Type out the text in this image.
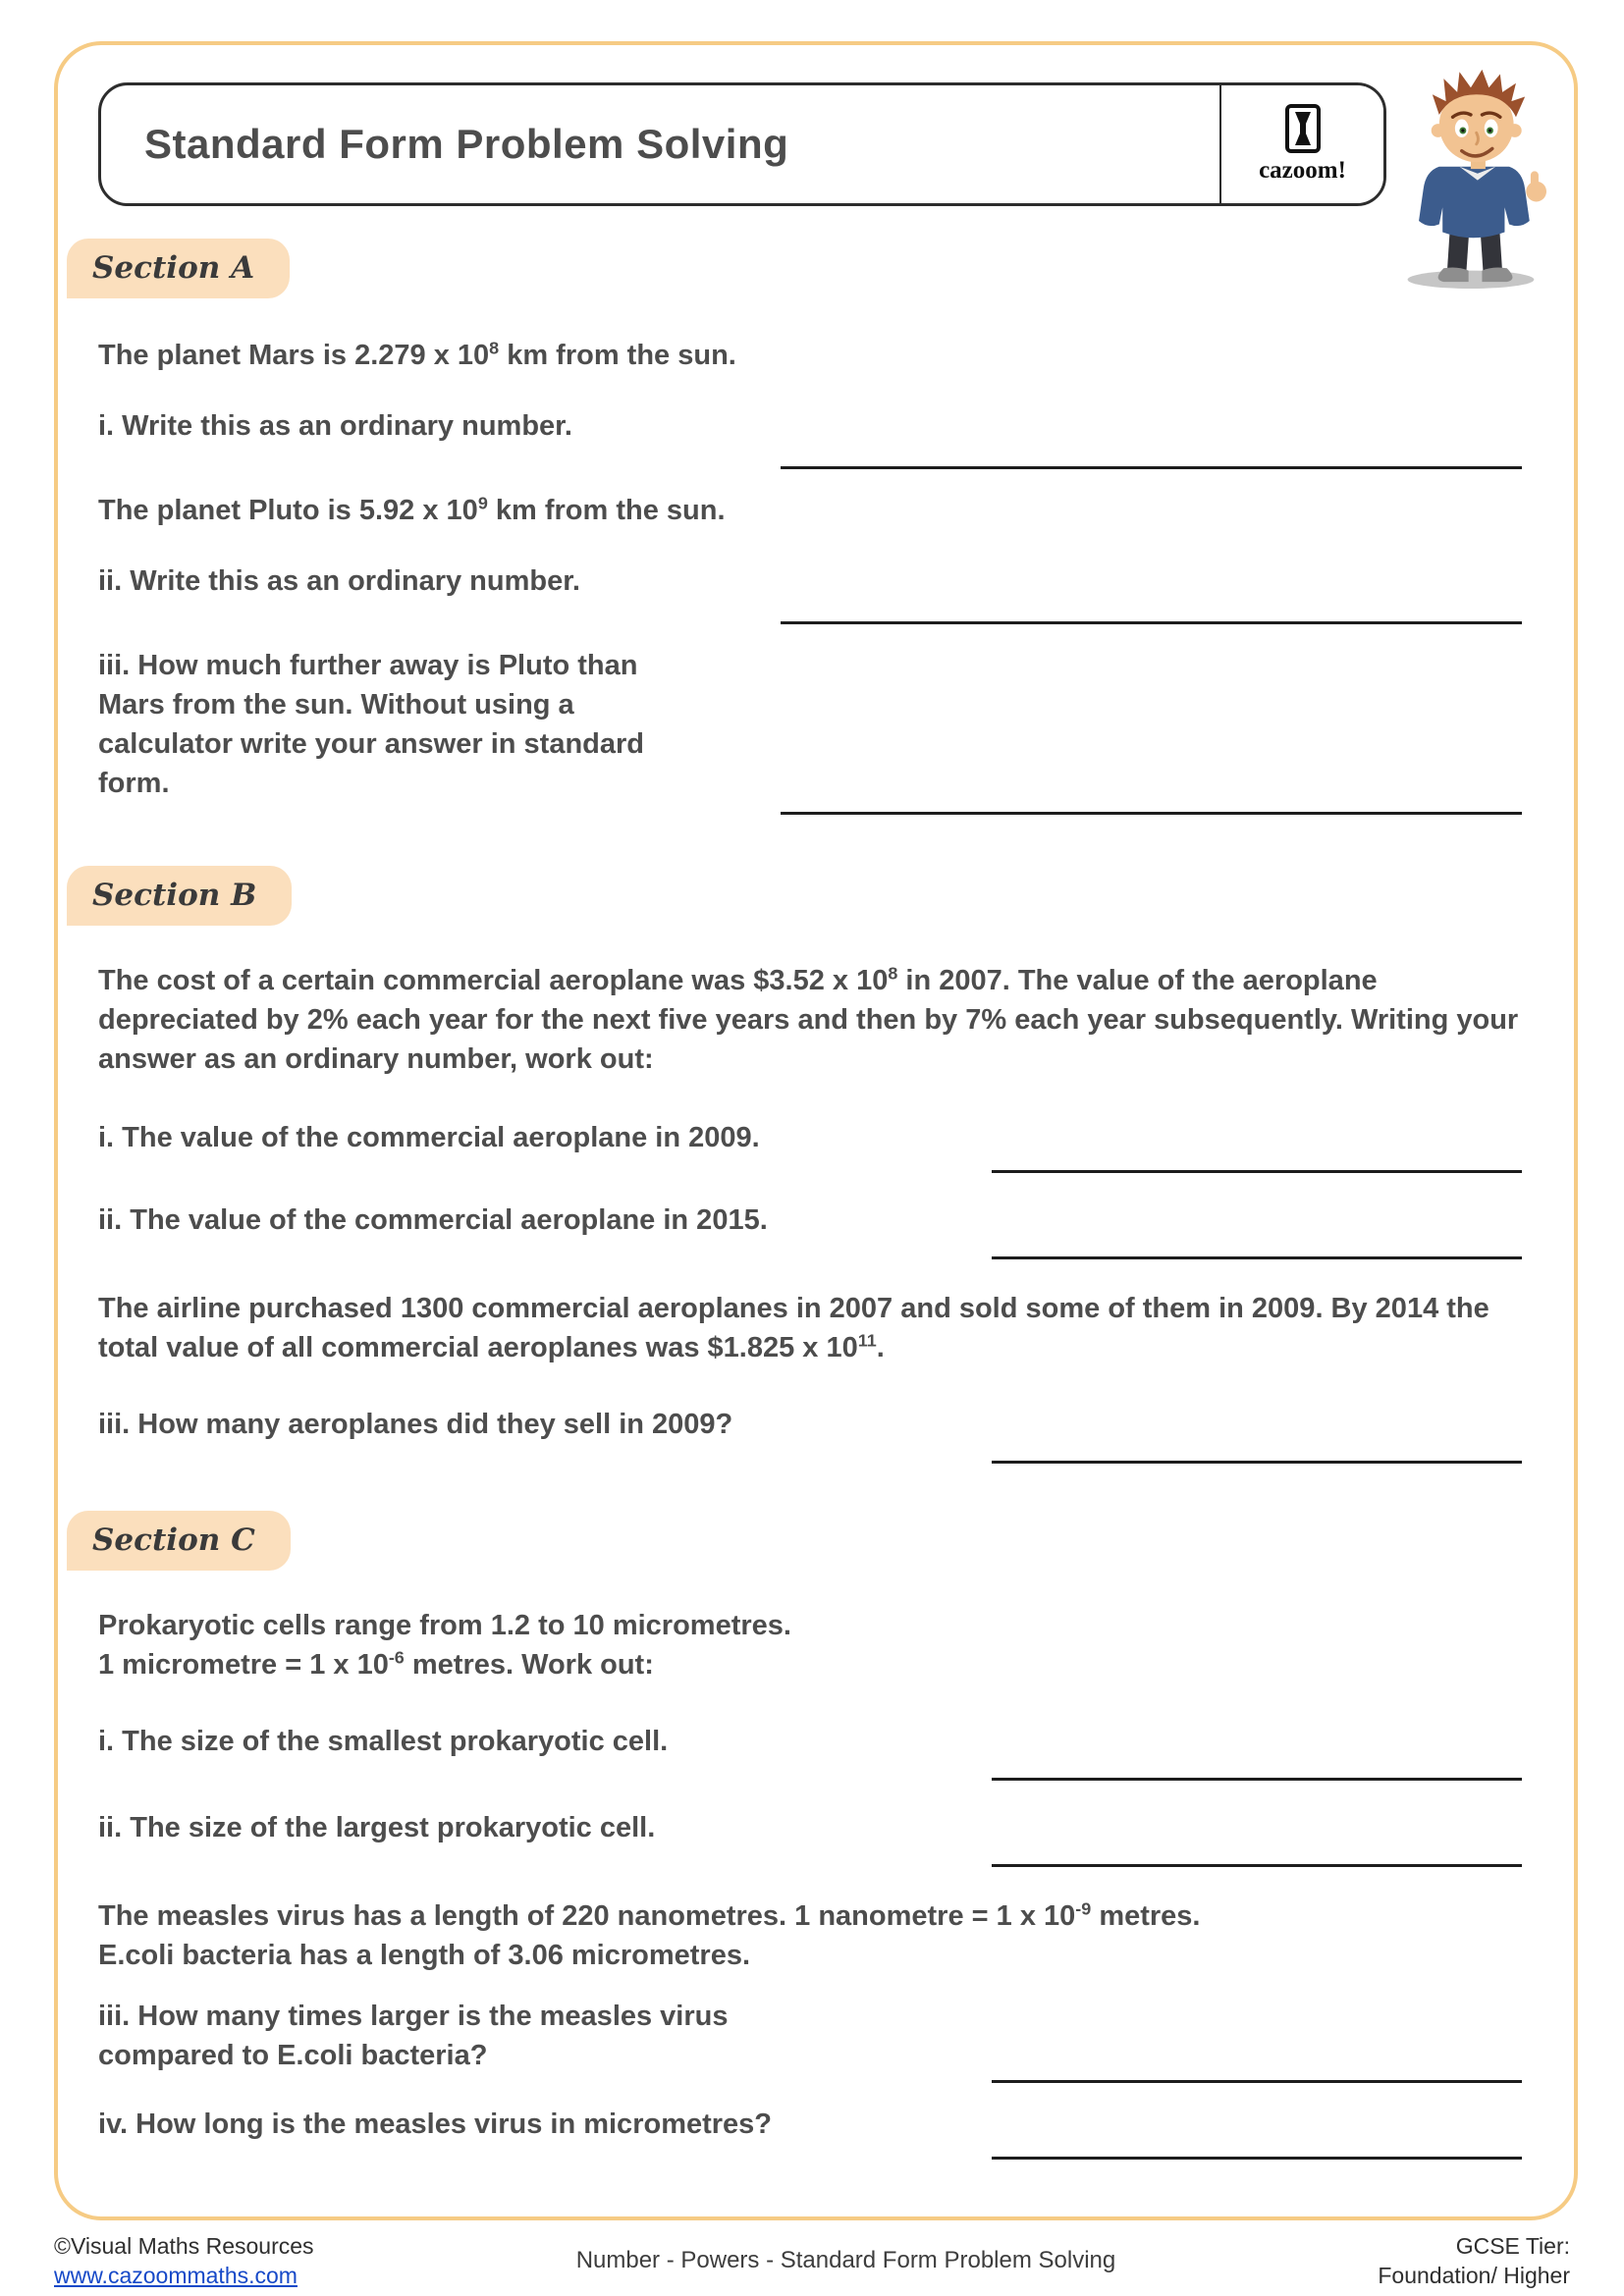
Standard Form Problem Solving
cazoom!
Section A

The planet Mars is 2.279 x $10^8$ km from the sun.

i. Write this as an ordinary number.

The planet Pluto is 5.92 x $10^9$ km from the sun.

ii. Write this as an ordinary number.

iii. How much further away is Pluto than Mars from the sun. Without using a calculator write your answer in standard form.

Section B

The cost of a certain commercial aeroplane was $3.52 x $10^8$ in 2007. The value of the aeroplane depreciated by 2% each year for the next five years and then by 7% each year subsequently. Writing your answer as an ordinary number, work out:

i. The value of the commercial aeroplane in 2009.

ii. The value of the commercial aeroplane in 2015.

The airline purchased 1300 commercial aeroplanes in 2007 and sold some of them in 2009. By 2014 the total value of all commercial aeroplanes was $1.825 x $10^{11}$.

iii. How many aeroplanes did they sell in 2009?

Section C

Prokaryotic cells range from 1.2 to 10 micrometres.
1 micrometre = 1 x $10^{-6}$ metres. Work out:

i. The size of the smallest prokaryotic cell.

ii. The size of the largest prokaryotic cell.

The measles virus has a length of 220 nanometres. 1 nanometre = 1 x $10^{-9}$ metres.
E.coli bacteria has a length of 3.06 micrometres.

iii. How many times larger is the measles virus compared to E.coli bacteria?

iv. How long is the measles virus in micrometres?

©Visual Maths Resources
www.cazoommaths.com
Number - Powers - Standard Form Problem Solving
GCSE Tier:
Foundation/ Higher
